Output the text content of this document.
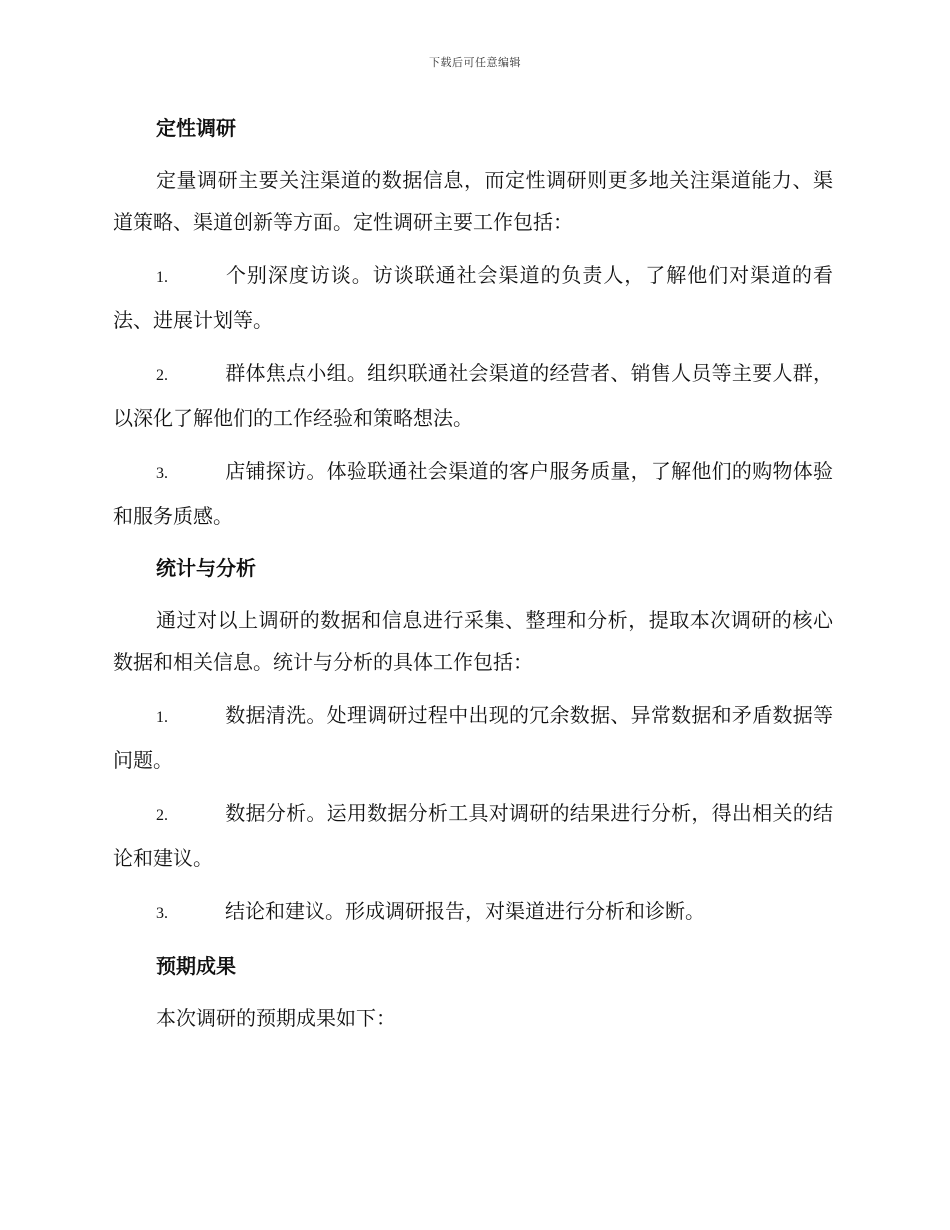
下载后可任意编辑
定性调研

定量调研主要关注渠道的数据信息，而定性调研则更多地关注渠道能力、渠道策略、渠道创新等方面。定性调研主要工作包括：

1.	个别深度访谈。访谈联通社会渠道的负责人，了解他们对渠道的看法、进展计划等。
2.	群体焦点小组。组织联通社会渠道的经营者、销售人员等主要人群，以深化了解他们的工作经验和策略想法。
3.	店铺探访。体验联通社会渠道的客户服务质量，了解他们的购物体验和服务质感。
统计与分析

通过对以上调研的数据和信息进行采集、整理和分析，提取本次调研的核心数据和相关信息。统计与分析的具体工作包括：

1.	数据清洗。处理调研过程中出现的冗余数据、异常数据和矛盾数据等问题。
2.	数据分析。运用数据分析工具对调研的结果进行分析，得出相关的结论和建议。
3.	结论和建议。形成调研报告，对渠道进行分析和诊断。
预期成果

本次调研的预期成果如下：
